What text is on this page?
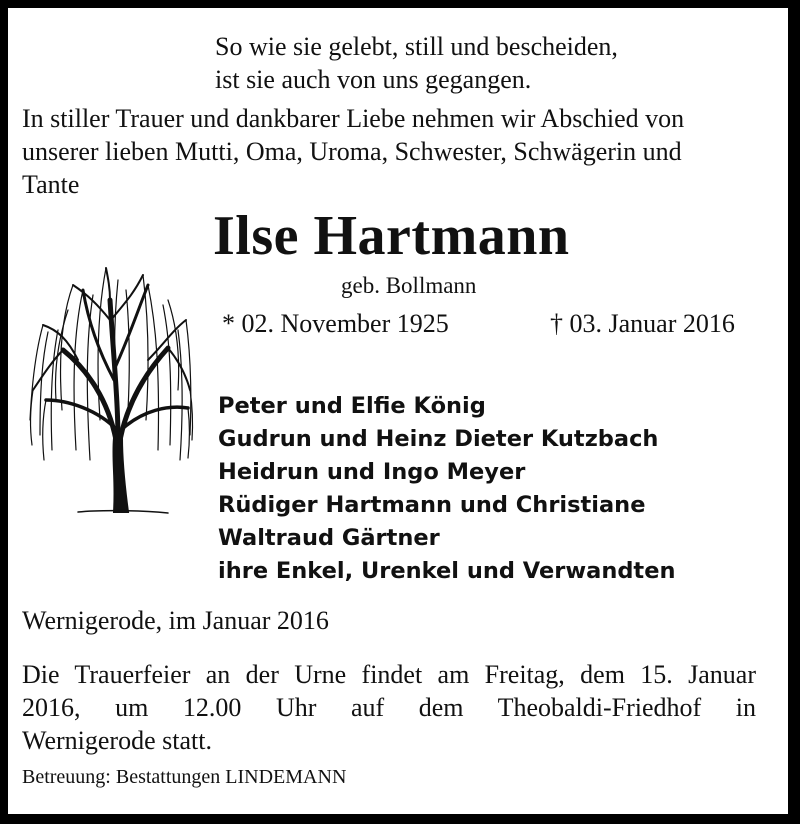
So wie sie gelebt, still und bescheiden,

ist sie auch von uns gegangen.

In stiller Trauer und dankbarer Liebe nehmen wir Abschied von

unserer lieben Mutti, Oma, Uroma, Schwester, Schwägerin und

Tante

Ilse Hartmann

geb. Bollmann

* 02. November 1925	† 03. Januar 2016

Peter und Elfie König
Gudrun und Heinz Dieter Kutzbach
Heidrun und Ingo Meyer
Rüdiger Hartmann und Christiane
Waltraud Gärtner
ihre Enkel, Urenkel und Verwandten

Wernigerode, im Januar 2016

Die Trauerfeier an der Urne findet am Freitag, dem 15. Januar
2016, um 12.00 Uhr auf dem Theobaldi-Friedhof in
Wernigerode statt.

Betreuung: Bestattungen LINDEMANN
